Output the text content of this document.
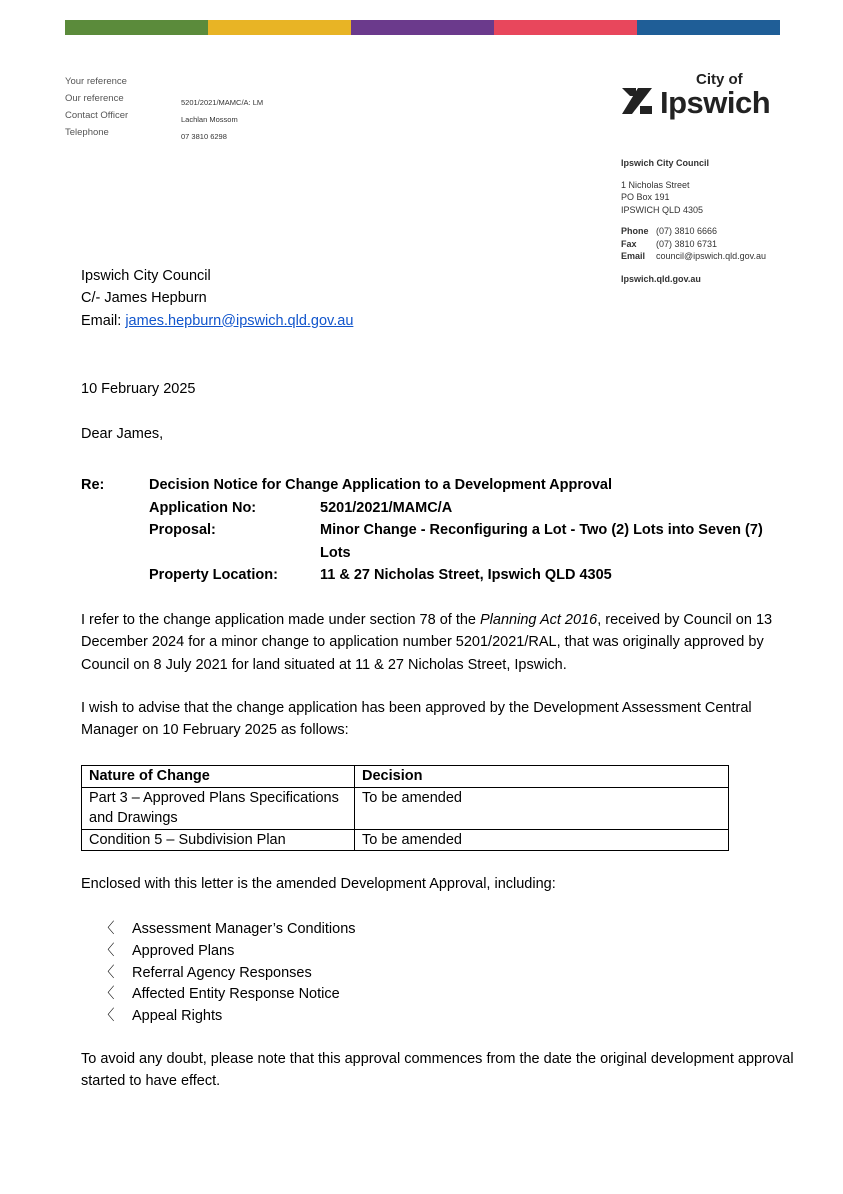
Your reference
Our reference	5201/2021/MAMC/A: LM
Contact Officer	Lachlan Mossom
Telephone	07 3810 6298
City of
Ipswich
Ipswich City Council
1 Nicholas Street
PO Box 191
IPSWICH QLD 4305
Phone (07) 3810 6666
Fax	(07) 3810 6731
Email	council@ipswich.qld.gov.au
Ipswich.qld.gov.au
Ipswich City Council
C/- James Hepburn
Email: james.hepburn@ipswich.qld.gov.au
10 February 2025
Dear James,
Re:	Decision Notice for Change Application to a Development Approval
Application No:	5201/2021/MAMC/A
Proposal:	Minor Change - Reconfiguring a Lot - Two (2) Lots into Seven (7) Lots
Property Location:	11 & 27 Nicholas Street, Ipswich QLD 4305
I refer to the change application made under section 78 of the Planning Act 2016, received by Council on 13 December 2024 for a minor change to application number 5201/2021/RAL, that was originally approved by Council on 8 July 2021 for land situated at 11 & 27 Nicholas Street, Ipswich.
I wish to advise that the change application has been approved by the Development Assessment Central Manager on 10 February 2025 as follows:
Nature of Change	Decision
Part 3 – Approved Plans Specifications and Drawings	To be amended
Condition 5 – Subdivision Plan	To be amended
Enclosed with this letter is the amended Development Approval, including:
〈	Assessment Manager’s Conditions
〈	Approved Plans
〈	Referral Agency Responses
〈	Affected Entity Response Notice
〈	Appeal Rights
To avoid any doubt, please note that this approval commences from the date the original development approval started to have effect.
